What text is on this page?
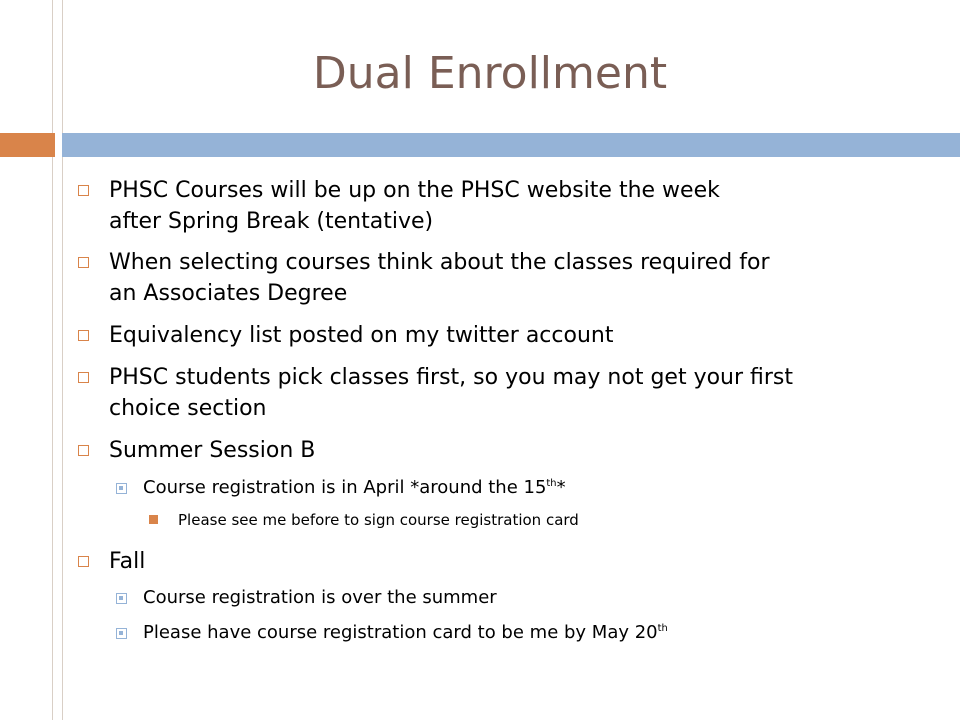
Dual Enrollment
PHSC Courses will be up on the PHSC website the week
after Spring Break (tentative)
When selecting courses think about the classes required for
an Associates Degree
Equivalency list posted on my twitter account
PHSC students pick classes first, so you may not get your first
choice section
Summer Session B
Course registration is in April *around the 15th*
Please see me before to sign course registration card
Fall
Course registration is over the summer
Please have course registration card to be me by May 20th
